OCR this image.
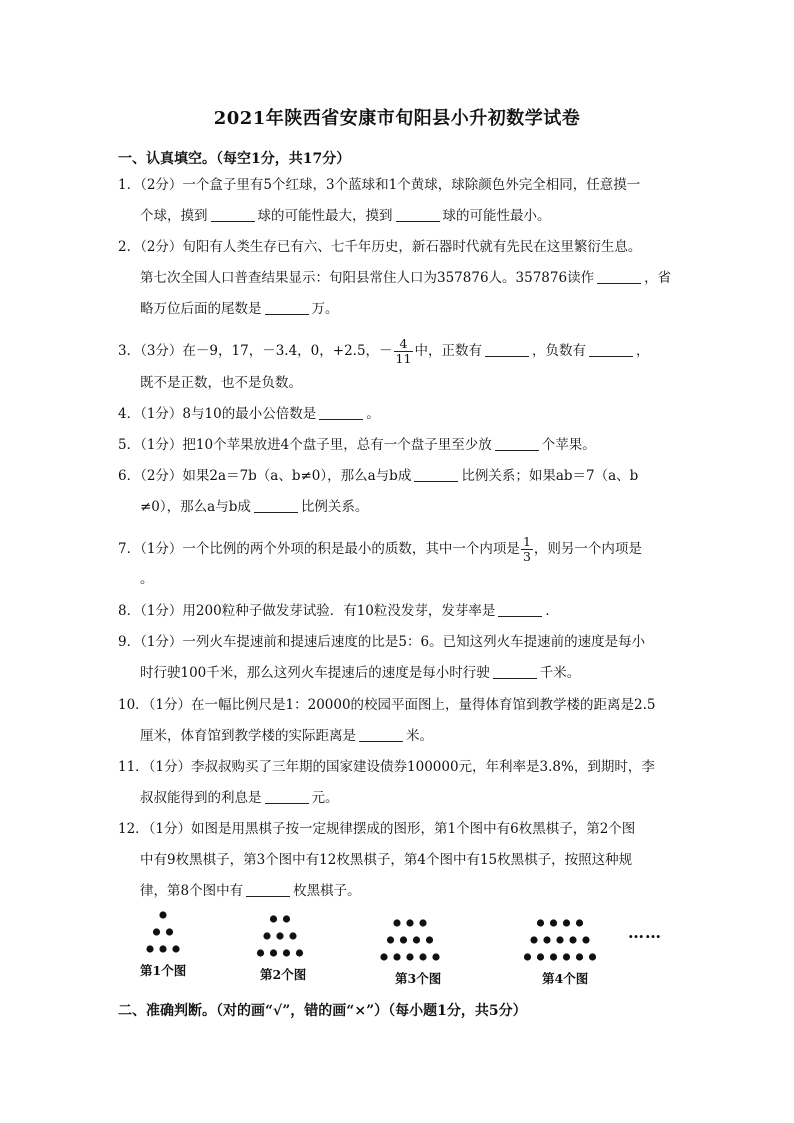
2021年陕西省安康市旬阳县小升初数学试卷
一、认真填空。（每空1分，共17分）
1．（2分）一个盒子里有5个红球，3个蓝球和1个黄球，球除颜色外完全相同，任意摸一
个球，摸到	球的可能性最大，摸到	球的可能性最小。
2．（2分）旬阳有人类生存已有六、七千年历史，新石器时代就有先民在这里繁衍生息。
第七次全国人口普查结果显示：旬阳县常住人口为357876人。357876读作	，省
略万位后面的尾数是	万。
3．（3分）在－9，17，－3.4，0，+2.5，－ $\frac{4}{11}$ 中，正数有	，负数有	，
既不是正数，也不是负数。
4．（1分）8与10的最小公倍数是	。
5．（1分）把10个苹果放进4个盘子里，总有一个盘子里至少放	个苹果。
6．（2分）如果2a＝7b（a、b≠0），那么a与b成	比例关系；如果ab＝7（a、b
≠0），那么a与b成	比例关系。
7．（1分）一个比例的两个外项的积是最小的质数，其中一个内项是 $\frac{1}{3}$ ，则另一个内项是
。
8．（1分）用200粒种子做发芽试验．有10粒没发芽，发芽率是	．
9．（1分）一列火车提速前和提速后速度的比是5：6。已知这列火车提速前的速度是每小
时行驶100千米，那么这列火车提速后的速度是每小时行驶	千米。
10．（1分）在一幅比例尺是1：20000的校园平面图上，量得体育馆到教学楼的距离是2.5
厘米，体育馆到教学楼的实际距离是	米。
11．（1分）李叔叔购买了三年期的国家建设债券100000元，年利率是3.8%，到期时，李
叔叔能得到的利息是	元。
12．（1分）如图是用黑棋子按一定规律摆成的图形，第1个图中有6枚黑棋子，第2个图
中有9枚黑棋子，第3个图中有12枚黑棋子，第4个图中有15枚黑棋子，按照这种规
律，第8个图中有	枚黑棋子。
第1个图	第2个图	第3个图	第4个图
……
二、准确判断。（对的画“√”，错的画“×”）（每小题1分，共5分）
